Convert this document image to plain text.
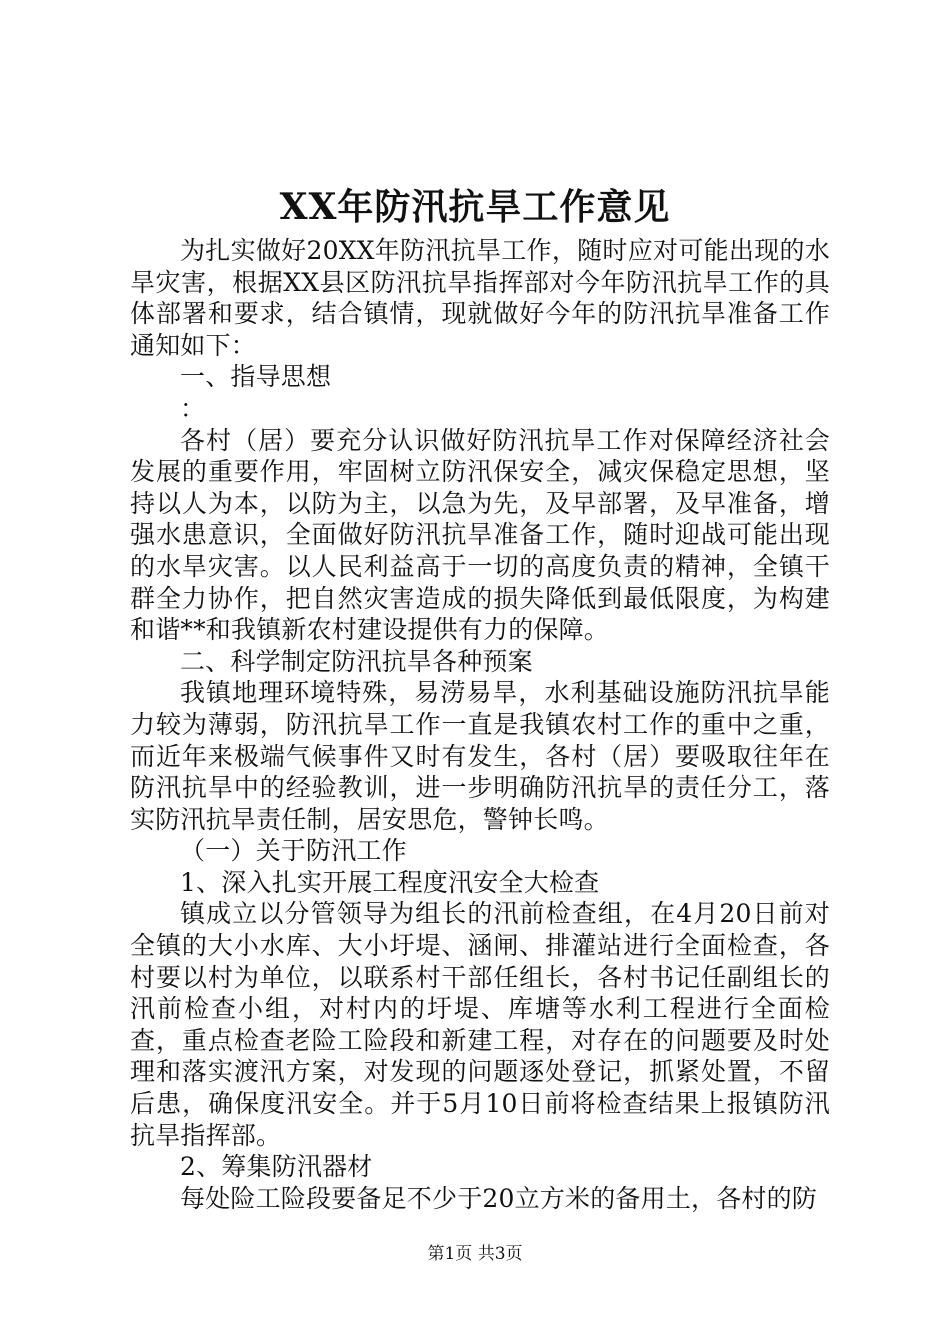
XX年防汛抗旱工作意见

为扎实做好20XX年防汛抗旱工作，随时应对可能出现的水旱灾害，根据XX县区防汛抗旱指挥部对今年防汛抗旱工作的具体部署和要求，结合镇情，现就做好今年的防汛抗旱准备工作通知如下：

一、指导思想

：

各村（居）要充分认识做好防汛抗旱工作对保障经济社会发展的重要作用，牢固树立防汛保安全，减灾保稳定思想，坚持以人为本，以防为主，以急为先，及早部署，及早准备，增强水患意识，全面做好防汛抗旱准备工作，随时迎战可能出现的水旱灾害。以人民利益高于一切的高度负责的精神，全镇干群全力协作，把自然灾害造成的损失降低到最低限度，为构建和谐**和我镇新农村建设提供有力的保障。

二、科学制定防汛抗旱各种预案

我镇地理环境特殊，易涝易旱，水利基础设施防汛抗旱能力较为薄弱，防汛抗旱工作一直是我镇农村工作的重中之重，而近年来极端气候事件又时有发生，各村（居）要吸取往年在防汛抗旱中的经验教训，进一步明确防汛抗旱的责任分工，落实防汛抗旱责任制，居安思危，警钟长鸣。

（一）关于防汛工作

1、深入扎实开展工程度汛安全大检查

镇成立以分管领导为组长的汛前检查组，在4月20日前对全镇的大小水库、大小圩堤、涵闸、排灌站进行全面检查，各村要以村为单位，以联系村干部任组长，各村书记任副组长的汛前检查小组，对村内的圩堤、库塘等水利工程进行全面检查，重点检查老险工险段和新建工程，对存在的问题要及时处理和落实渡汛方案，对发现的问题逐处登记，抓紧处置，不留后患，确保度汛安全。并于5月10日前将检查结果上报镇防汛抗旱指挥部。

2、筹集防汛器材

每处险工险段要备足不少于20立方米的备用土，各村的防

第1页 共3页
